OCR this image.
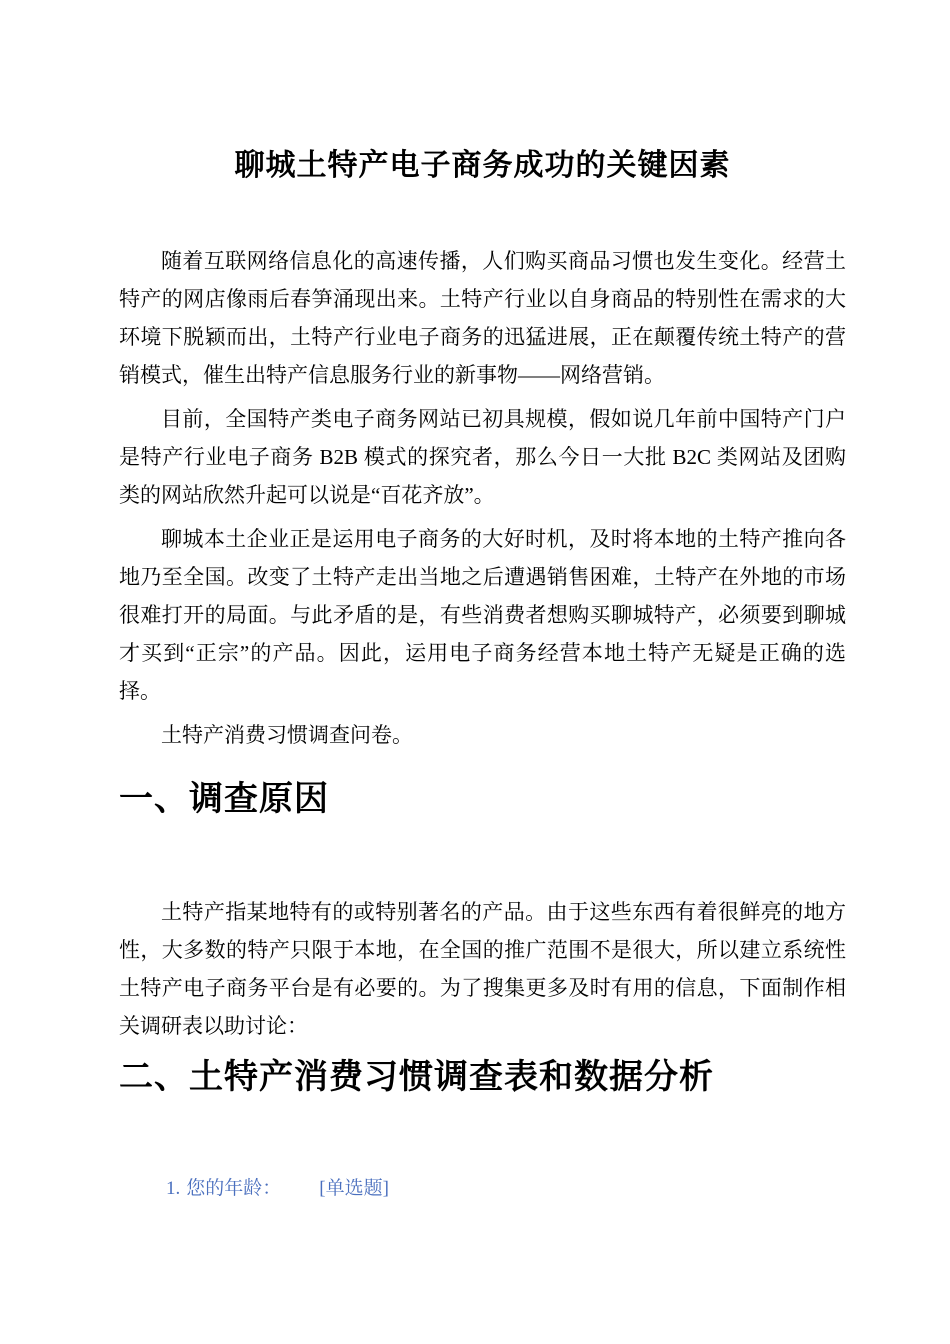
聊城土特产电子商务成功的关键因素

随着互联网络信息化的高速传播，人们购买商品习惯也发生变化。经营土特产的网店像雨后春笋涌现出来。土特产行业以自身商品的特别性在需求的大环境下脱颖而出，土特产行业电子商务的迅猛进展，正在颠覆传统土特产的营销模式，催生出特产信息服务行业的新事物——网络营销。

目前，全国特产类电子商务网站已初具规模，假如说几年前中国特产门户是特产行业电子商务 B2B 模式的探究者，那么今日一大批 B2C 类网站及团购类的网站欣然升起可以说是“百花齐放”。

聊城本土企业正是运用电子商务的大好时机，及时将本地的土特产推向各地乃至全国。改变了土特产走出当地之后遭遇销售困难，土特产在外地的市场很难打开的局面。与此矛盾的是，有些消费者想购买聊城特产，必须要到聊城才买到“正宗”的产品。因此，运用电子商务经营本地土特产无疑是正确的选择。

土特产消费习惯调查问卷。

一、调查原因

土特产指某地特有的或特别著名的产品。由于这些东西有着很鲜亮的地方性，大多数的特产只限于本地，在全国的推广范围不是很大，所以建立系统性土特产电子商务平台是有必要的。为了搜集更多及时有用的信息，下面制作相关调研表以助讨论：

二、土特产消费习惯调查表和数据分析
1. 您的年龄： [单选题]
